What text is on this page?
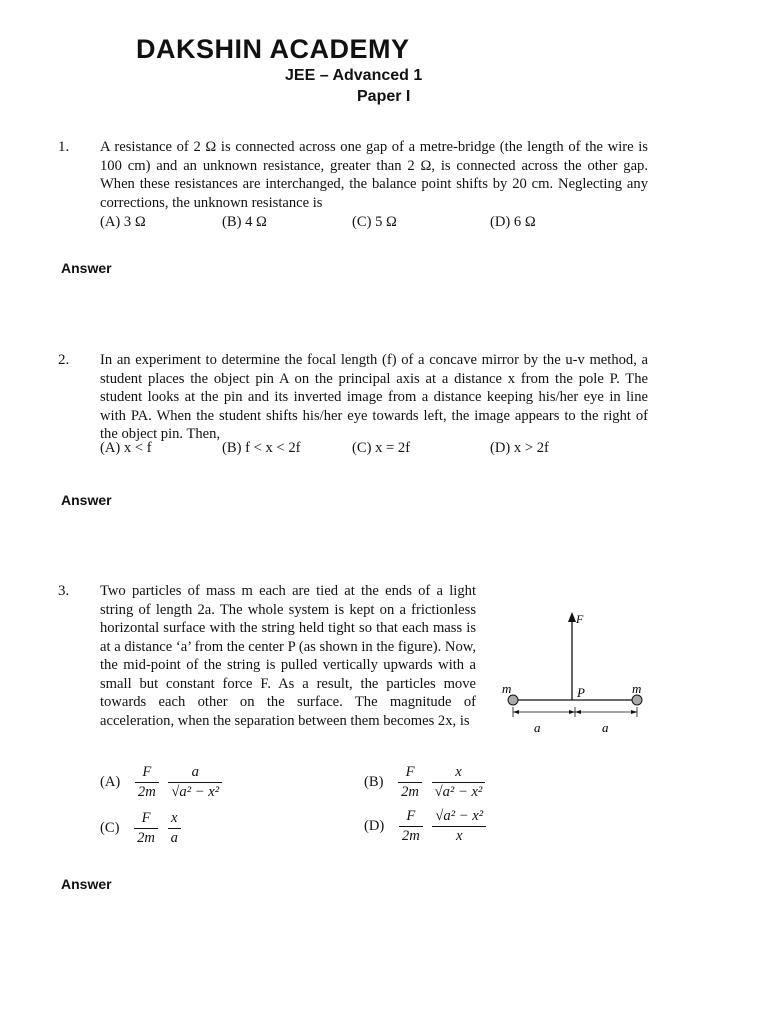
DAKSHIN ACADEMY
JEE – Advanced 1
Paper I
1. A resistance of 2 Ω is connected across one gap of a metre-bridge (the length of the wire is 100 cm) and an unknown resistance, greater than 2 Ω, is connected across the other gap. When these resistances are interchanged, the balance point shifts by 20 cm. Neglecting any corrections, the unknown resistance is
(A) 3 Ω	(B) 4 Ω	(C) 5 Ω	(D) 6 Ω
Answer
2. In an experiment to determine the focal length (f) of a concave mirror by the u-v method, a student places the object pin A on the principal axis at a distance x from the pole P. The student looks at the pin and its inverted image from a distance keeping his/her eye in line with PA. When the student shifts his/her eye towards left, the image appears to the right of the object pin. Then,
(A) x < f	(B) f < x < 2f	(C) x = 2f	(D) x > 2f
Answer
3. Two particles of mass m each are tied at the ends of a light string of length 2a. The whole system is kept on a frictionless horizontal surface with the string held tight so that each mass is at a distance ‘a’ from the center P (as shown in the figure). Now, the mid-point of the string is pulled vertically upwards with a small but constant force F. As a result, the particles move towards each other on the surface. The magnitude of acceleration, when the separation between them becomes 2x, is
F
P
m	m
a	a
$(A) \frac{F}{2m}$
$\frac{a}{\text{√a² − x²}}$	$(B) \frac{F}{2m}$
$\frac{x}{\text{√a² − x²}}$
$(C) \frac{F}{2m}$
$\frac{x}{a}$	$(D) \frac{F}{2m}$
$\frac{\text{√a² − x²}}{x}$
Answer
